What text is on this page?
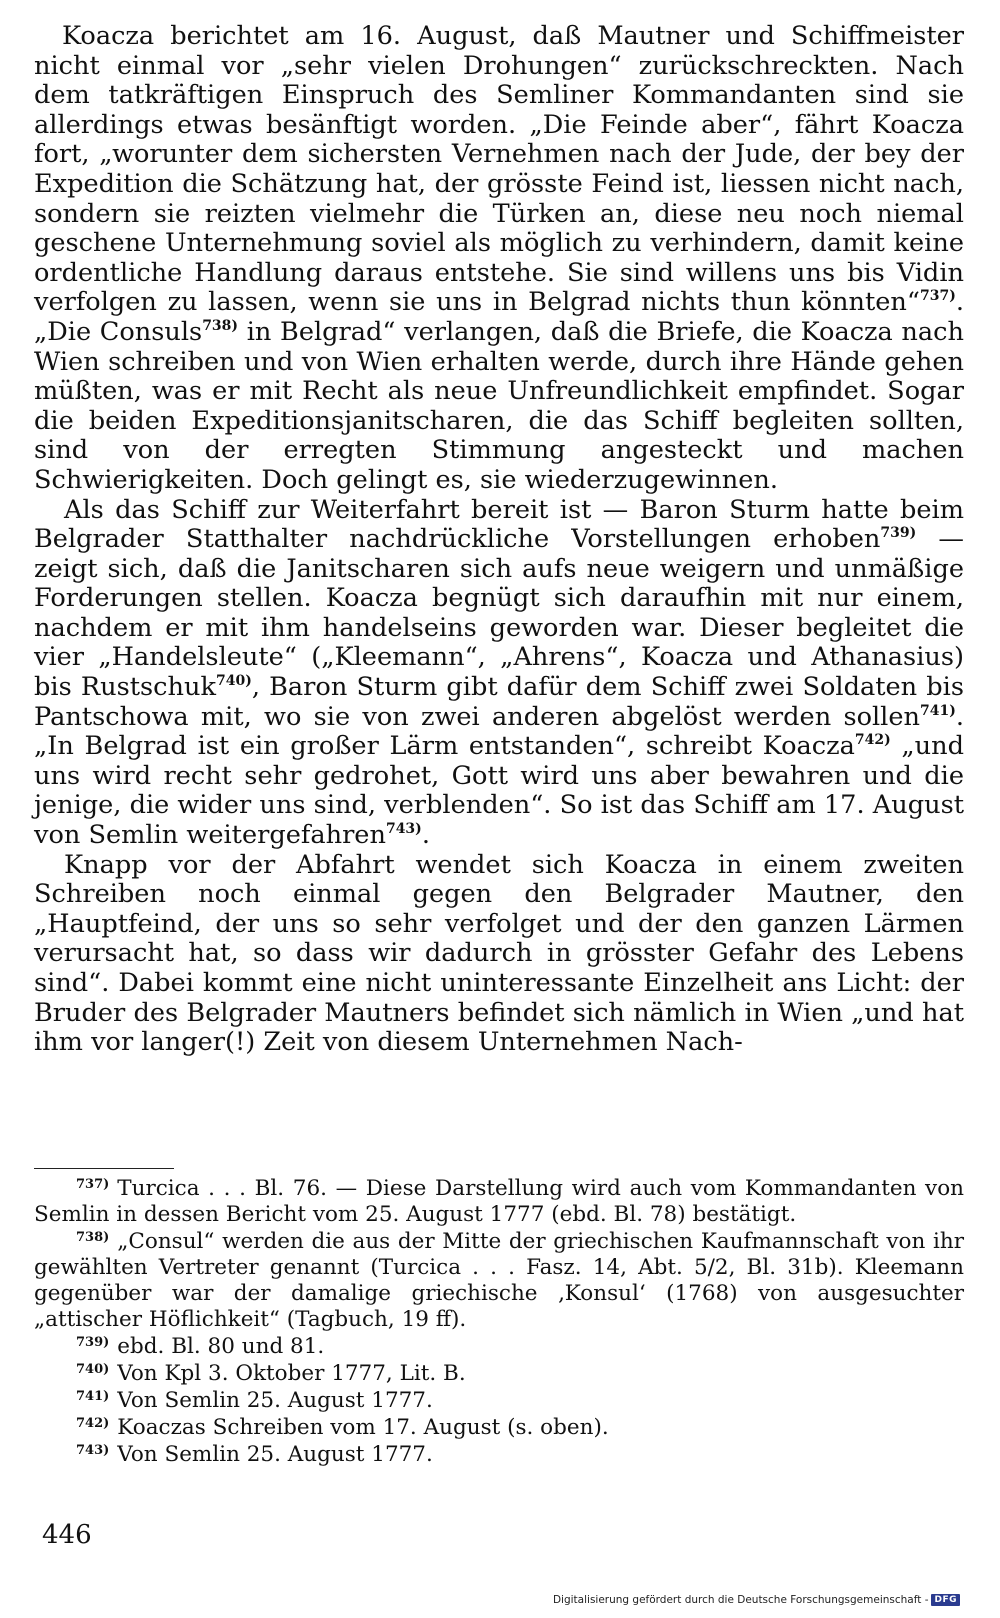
Koacza berichtet am 16. August, daß Mautner und Schiffmeister nicht einmal vor „sehr vielen Drohungen“ zurückschreckten. Nach dem tatkräftigen Einspruch des Semliner Kommandanten sind sie allerdings etwas besänftigt worden. „Die Feinde aber“, fährt Koacza fort, „worunter dem sichersten Vernehmen nach der Jude, der bey der Expedition die Schätzung hat, der grösste Feind ist, liessen nicht nach, sondern sie reizten vielmehr die Türken an, diese neu noch niemal geschene Unternehmung soviel als möglich zu verhindern, damit keine ordentliche Handlung daraus entstehe. Sie sind willens uns bis Vidin verfolgen zu lassen, wenn sie uns in Belgrad nichts thun könnten“$^{737)}$. „Die Consuls$^{738)}$ in Belgrad“ verlangen, daß die Briefe, die Koacza nach Wien schreiben und von Wien erhalten werde, durch ihre Hände gehen müßten, was er mit Recht als neue Unfreundlichkeit empfindet. Sogar die beiden Expeditionsjanitscharen, die das Schiff begleiten sollten, sind von der erregten Stimmung angesteckt und machen Schwierigkeiten. Doch gelingt es, sie wiederzugewinnen.

Als das Schiff zur Weiterfahrt bereit ist — Baron Sturm hatte beim Belgrader Statthalter nachdrückliche Vorstellungen erhoben$^{739)}$ — zeigt sich, daß die Janitscharen sich aufs neue weigern und unmäßige Forderungen stellen. Koacza begnügt sich daraufhin mit nur einem, nachdem er mit ihm handelseins geworden war. Dieser begleitet die vier „Handelsleute“ („Kleemann“, „Ahrens“, Koacza und Athanasius) bis Rustschuk$^{740)}$, Baron Sturm gibt dafür dem Schiff zwei Soldaten bis Pantschowa mit, wo sie von zwei anderen abgelöst werden sollen$^{741)}$. „In Belgrad ist ein großer Lärm entstanden“, schreibt Koacza$^{742)}$ „und uns wird recht sehr gedrohet, Gott wird uns aber bewahren und die jenige, die wider uns sind, verblenden“. So ist das Schiff am 17. August von Semlin weitergefahren$^{743)}$.

Knapp vor der Abfahrt wendet sich Koacza in einem zweiten Schreiben noch einmal gegen den Belgrader Mautner, den „Hauptfeind, der uns so sehr verfolget und der den ganzen Lärmen verursacht hat, so dass wir dadurch in grösster Gefahr des Lebens sind“. Dabei kommt eine nicht uninteressante Einzelheit ans Licht: der Bruder des Belgrader Mautners befindet sich nämlich in Wien „und hat ihm vor langer(!) Zeit von diesem Unternehmen Nach-

$^{737)}$ Turcica . . . Bl. 76. — Diese Darstellung wird auch vom Kommandanten von Semlin in dessen Bericht vom 25. August 1777 (ebd. Bl. 78) bestätigt.
$^{738)}$ „Consul“ werden die aus der Mitte der griechischen Kaufmannschaft von ihr gewählten Vertreter genannt (Turcica . . . Fasz. 14, Abt. 5/2, Bl. 31b). Kleemann gegenüber war der damalige griechische ‚Konsul‘ (1768) von ausgesuchter „attischer Höflichkeit“ (Tagbuch, 19 ff).
$^{739)}$ ebd. Bl. 80 und 81.
$^{740)}$ Von Kpl 3. Oktober 1777, Lit. B.
$^{741)}$ Von Semlin 25. August 1777.
$^{742)}$ Koaczas Schreiben vom 17. August (s. oben).
$^{743)}$ Von Semlin 25. August 1777.
446
Digitalisierung gefördert durch die Deutsche Forschungsgemeinschaft - DFG
